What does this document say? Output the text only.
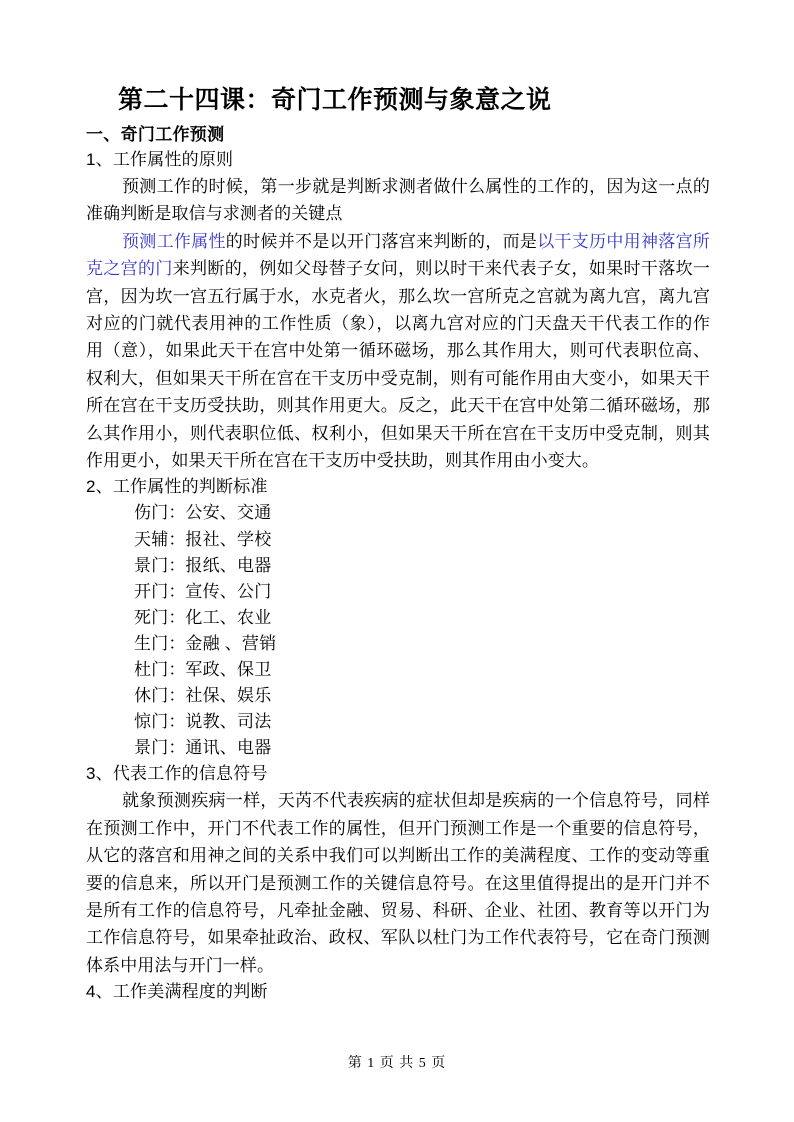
第二十四课：奇门工作预测与象意之说
一、奇门工作预测
1、工作属性的原则

预测工作的时候，第一步就是判断求测者做什么属性的工作的，因为这一点的准确判断是取信与求测者的关键点

预测工作属性的时候并不是以开门落宫来判断的，而是以干支历中用神落宫所克之宫的门来判断的，例如父母替子女问，则以时干来代表子女，如果时干落坎一宫，因为坎一宫五行属于水，水克者火，那么坎一宫所克之宫就为离九宫，离九宫对应的门就代表用神的工作性质（象），以离九宫对应的门天盘天干代表工作的作用（意），如果此天干在宫中处第一循环磁场，那么其作用大，则可代表职位高、权利大，但如果天干所在宫在干支历中受克制，则有可能作用由大变小，如果天干所在宫在干支历受扶助，则其作用更大。反之，此天干在宫中处第二循环磁场，那么其作用小，则代表职位低、权利小，但如果天干所在宫在干支历中受克制，则其作用更小，如果天干所在宫在干支历中受扶助，则其作用由小变大。

2、工作属性的判断标准
伤门：公安、交通
天辅：报社、学校
景门：报纸、电器
开门：宣传、公门
死门：化工、农业
生门：金融 、营销
杜门：军政、保卫
休门：社保、娱乐
惊门：说教、司法
景门：通讯、电器
3、代表工作的信息符号

就象预测疾病一样，天芮不代表疾病的症状但却是疾病的一个信息符号，同样在预测工作中，开门不代表工作的属性，但开门预测工作是一个重要的信息符号，从它的落宫和用神之间的关系中我们可以判断出工作的美满程度、工作的变动等重要的信息来，所以开门是预测工作的关键信息符号。在这里值得提出的是开门并不是所有工作的信息符号，凡牵扯金融、贸易、科研、企业、社团、教育等以开门为工作信息符号，如果牵扯政治、政权、军队以杜门为工作代表符号，它在奇门预测体系中用法与开门一样。

4、工作美满程度的判断
第 1 页 共 5 页
